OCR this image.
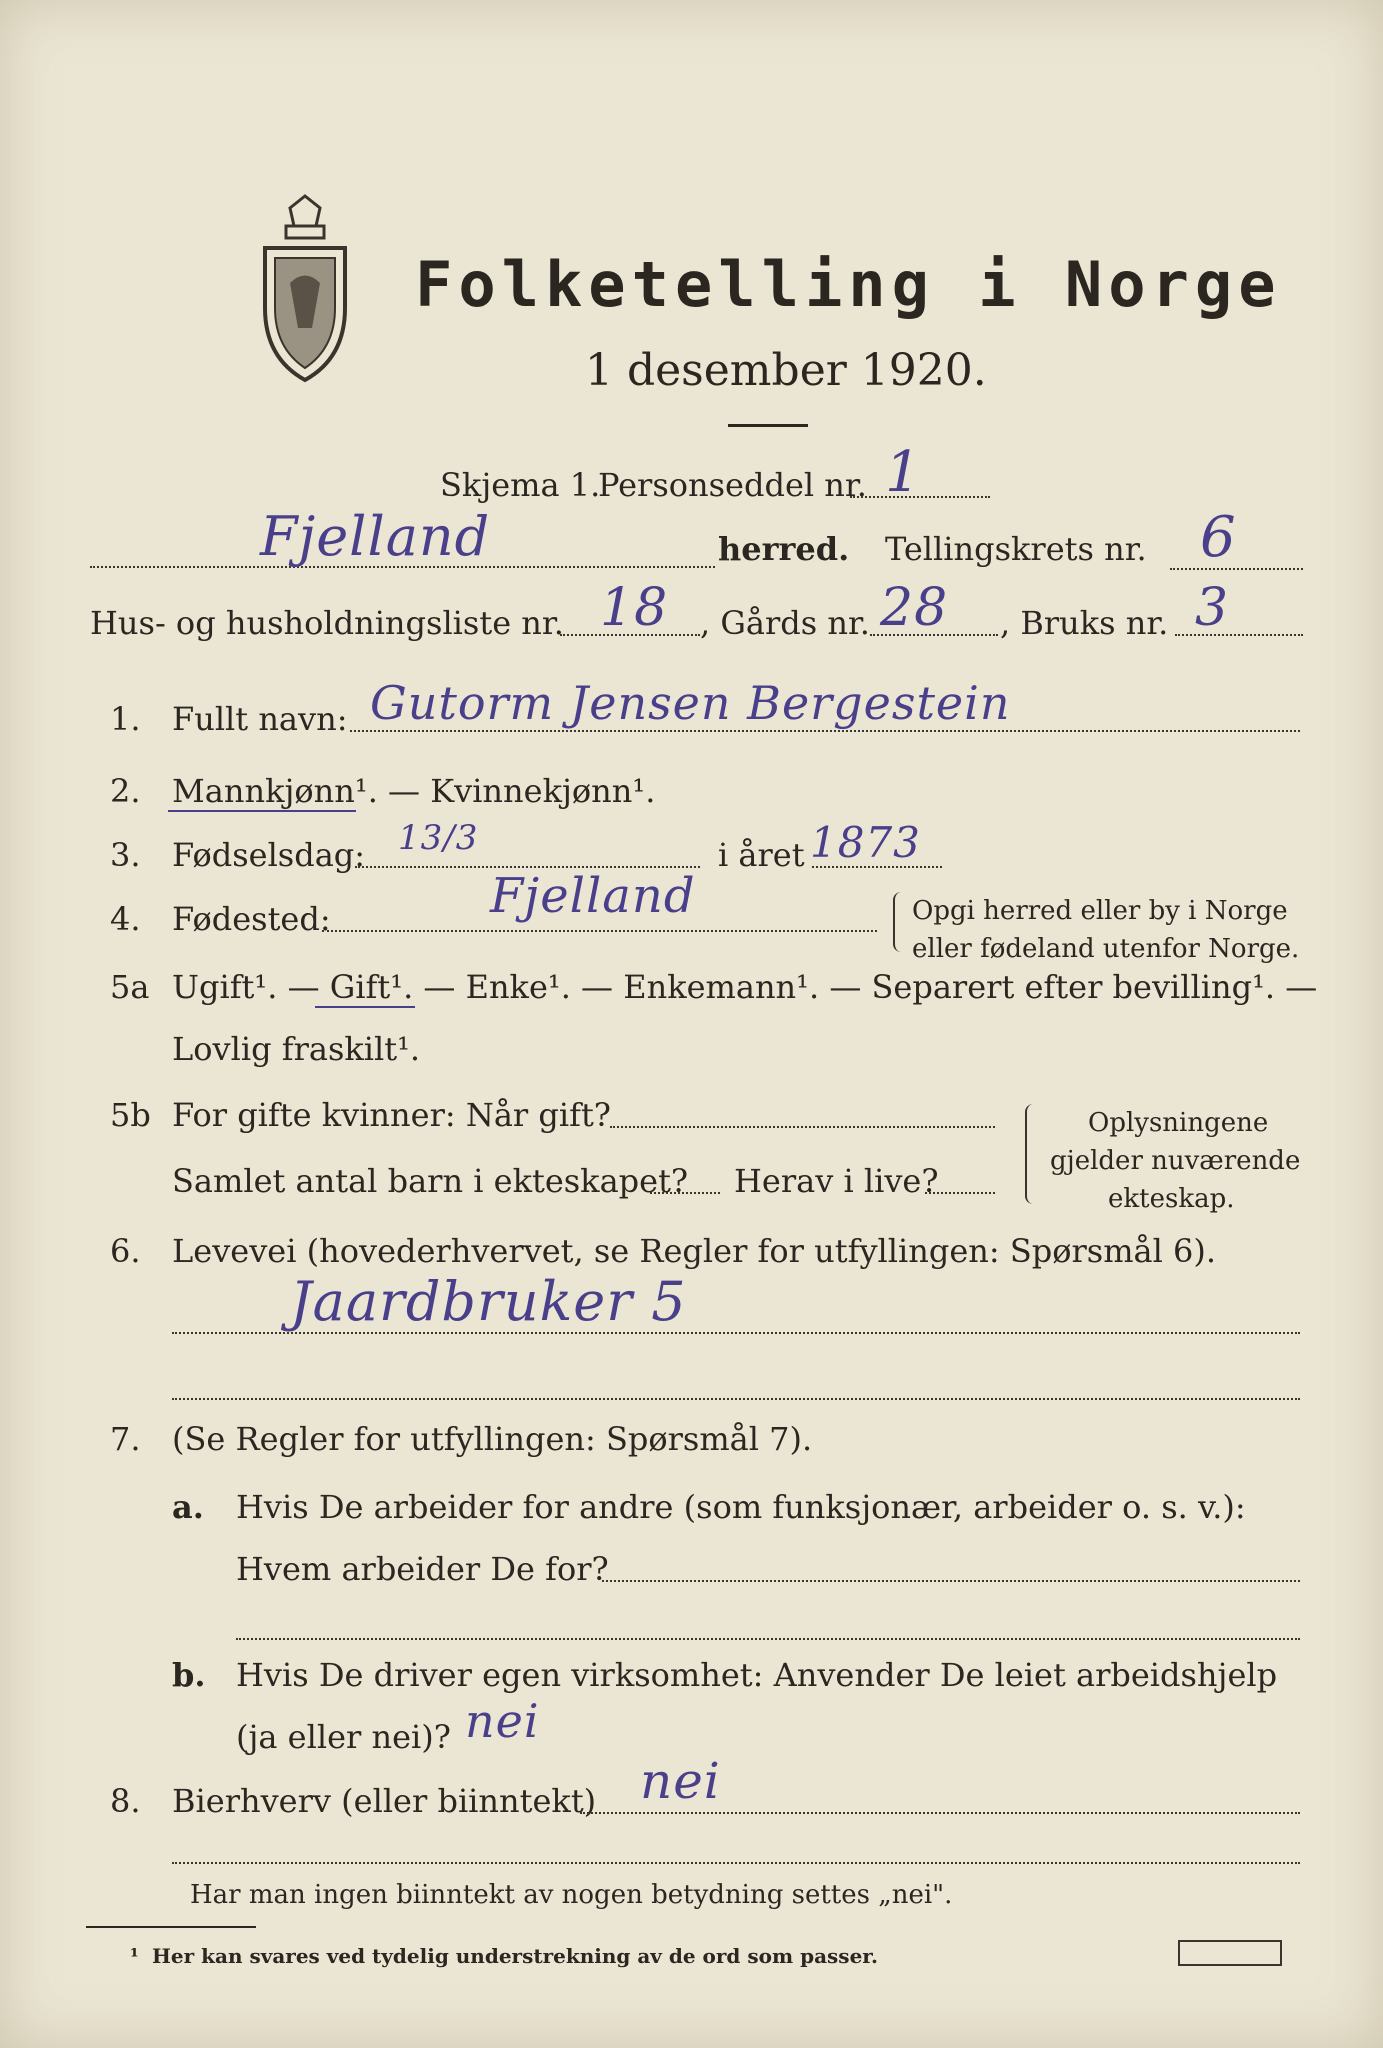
Folketelling i Norge
1 desember 1920.
Skjema 1.
Personseddel nr. 1
Fjelland	herred. Tellingskrets nr. 6
Hus- og husholdningsliste nr. 18 , Gårds nr. 28 , Bruks nr. 3
1. Fullt navn: Gutorm Jensen Bergestein
2. Mannkjønn¹. — Kvinnekjønn¹.
3. Fødselsdag: 13/3	i året 1873
4. Fødested:	Fjelland	Opgi herred eller by i Norge
eller fødeland utenfor Norge.
5a Ugift¹. — Gift¹. — Enke¹. — Enkemann¹. — Separert efter bevilling¹. —
Lovlig fraskilt¹.
5b For gifte kvinner: Når gift?
Samlet antal barn i ekteskapet? Herav i live?
Oplysningene
gjelder nuværende
ekteskap.
6. Levevei (hovederhvervet, se Regler for utfyllingen: Spørsmål 6).
Jaardbruker 5
7. (Se Regler for utfyllingen: Spørsmål 7).
a. Hvis De arbeider for andre (som funksjonær, arbeider o. s. v.):
Hvem arbeider De for?
b. Hvis De driver egen virksomhet: Anvender De leiet arbeidshjelp
(ja eller nei)? nei
8. Bierhverv (eller biinntekt) nei
Har man ingen biinntekt av nogen betydning settes „nei".
¹ Her kan svares ved tydelig understrekning av de ord som passer.
